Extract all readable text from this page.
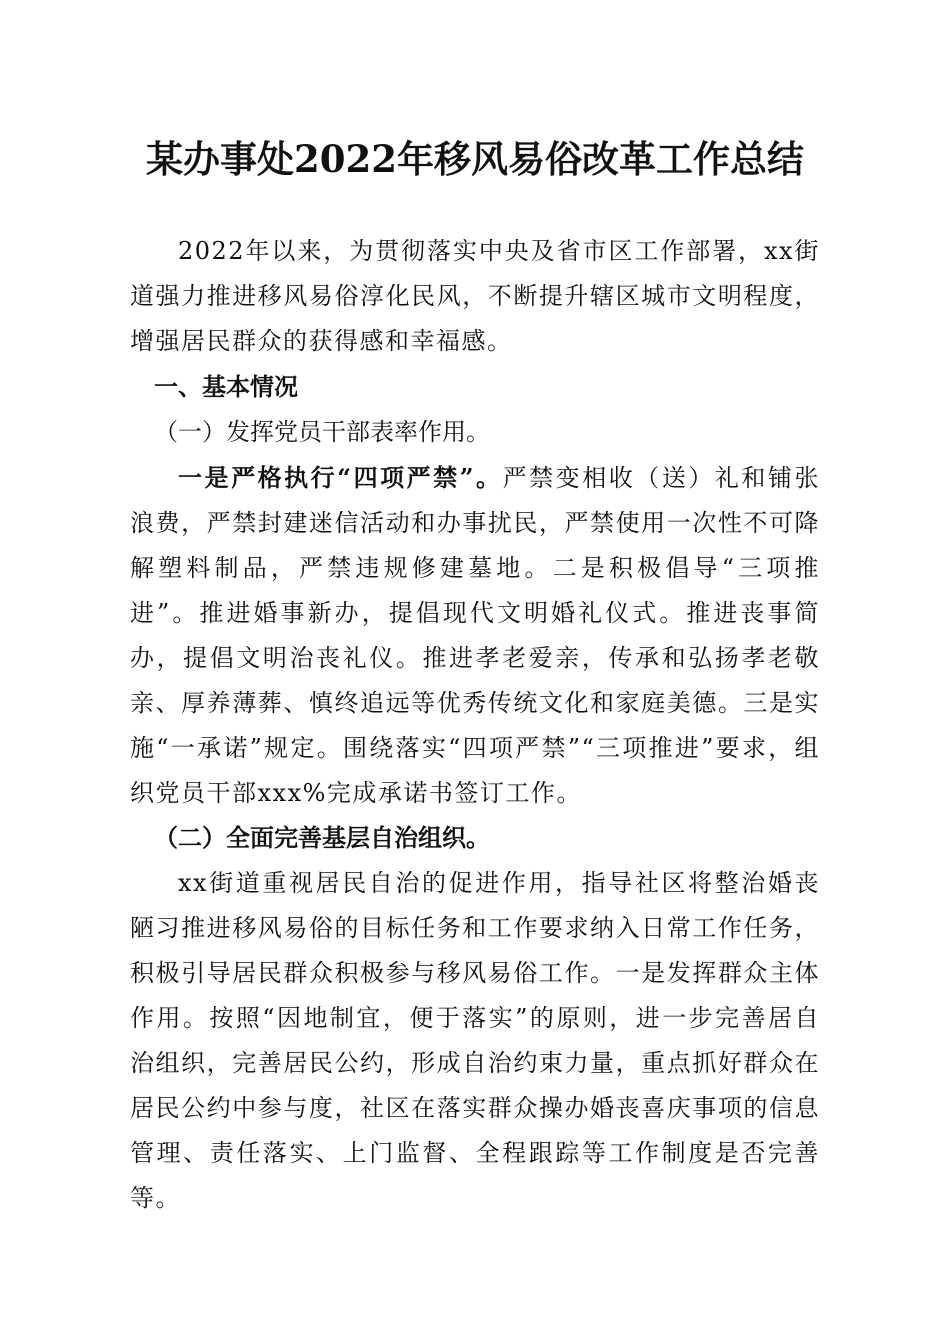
某办事处2022年移风易俗改革工作总结

2022年以来，为贯彻落实中央及省市区工作部署，xx街道强力推进移风易俗淳化民风，不断提升辖区城市文明程度，增强居民群众的获得感和幸福感。

一、基本情况

（一）发挥党员干部表率作用。

一是严格执行“四项严禁”。严禁变相收（送）礼和铺张浪费，严禁封建迷信活动和办事扰民，严禁使用一次性不可降解塑料制品，严禁违规修建墓地。二是积极倡导“三项推进”。推进婚事新办，提倡现代文明婚礼仪式。推进丧事简办，提倡文明治丧礼仪。推进孝老爱亲，传承和弘扬孝老敬亲、厚养薄葬、慎终追远等优秀传统文化和家庭美德。三是实施“一承诺”规定。围绕落实“四项严禁”“三项推进”要求，组织党员干部xxx%完成承诺书签订工作。

（二）全面完善基层自治组织。

xx街道重视居民自治的促进作用，指导社区将整治婚丧陋习推进移风易俗的目标任务和工作要求纳入日常工作任务，积极引导居民群众积极参与移风易俗工作。一是发挥群众主体作用。按照“因地制宜，便于落实”的原则，进一步完善居自治组织，完善居民公约，形成自治约束力量，重点抓好群众在居民公约中参与度，社区在落实群众操办婚丧喜庆事项的信息管理、责任落实、上门监督、全程跟踪等工作制度是否完善等。
